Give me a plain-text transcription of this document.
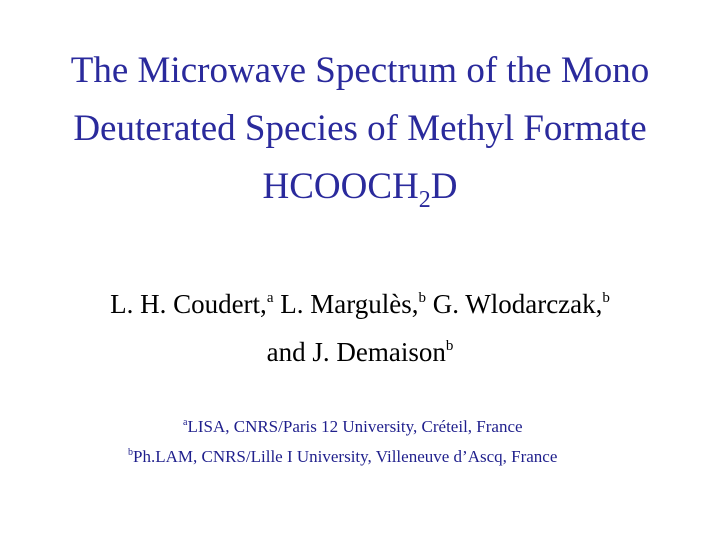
The Microwave Spectrum of the Mono
Deuterated Species of Methyl Formate
$HCOOCH_2D$
L. H. Coudert,$^a$ L. Margulès,$^b$ G. Wlodarczak,$^b$
and J. Demaison$^b$
$^a$LISA, CNRS/Paris 12 University, Créteil, France
$^b$Ph.LAM, CNRS/Lille I University, Villeneuve d’Ascq, France
